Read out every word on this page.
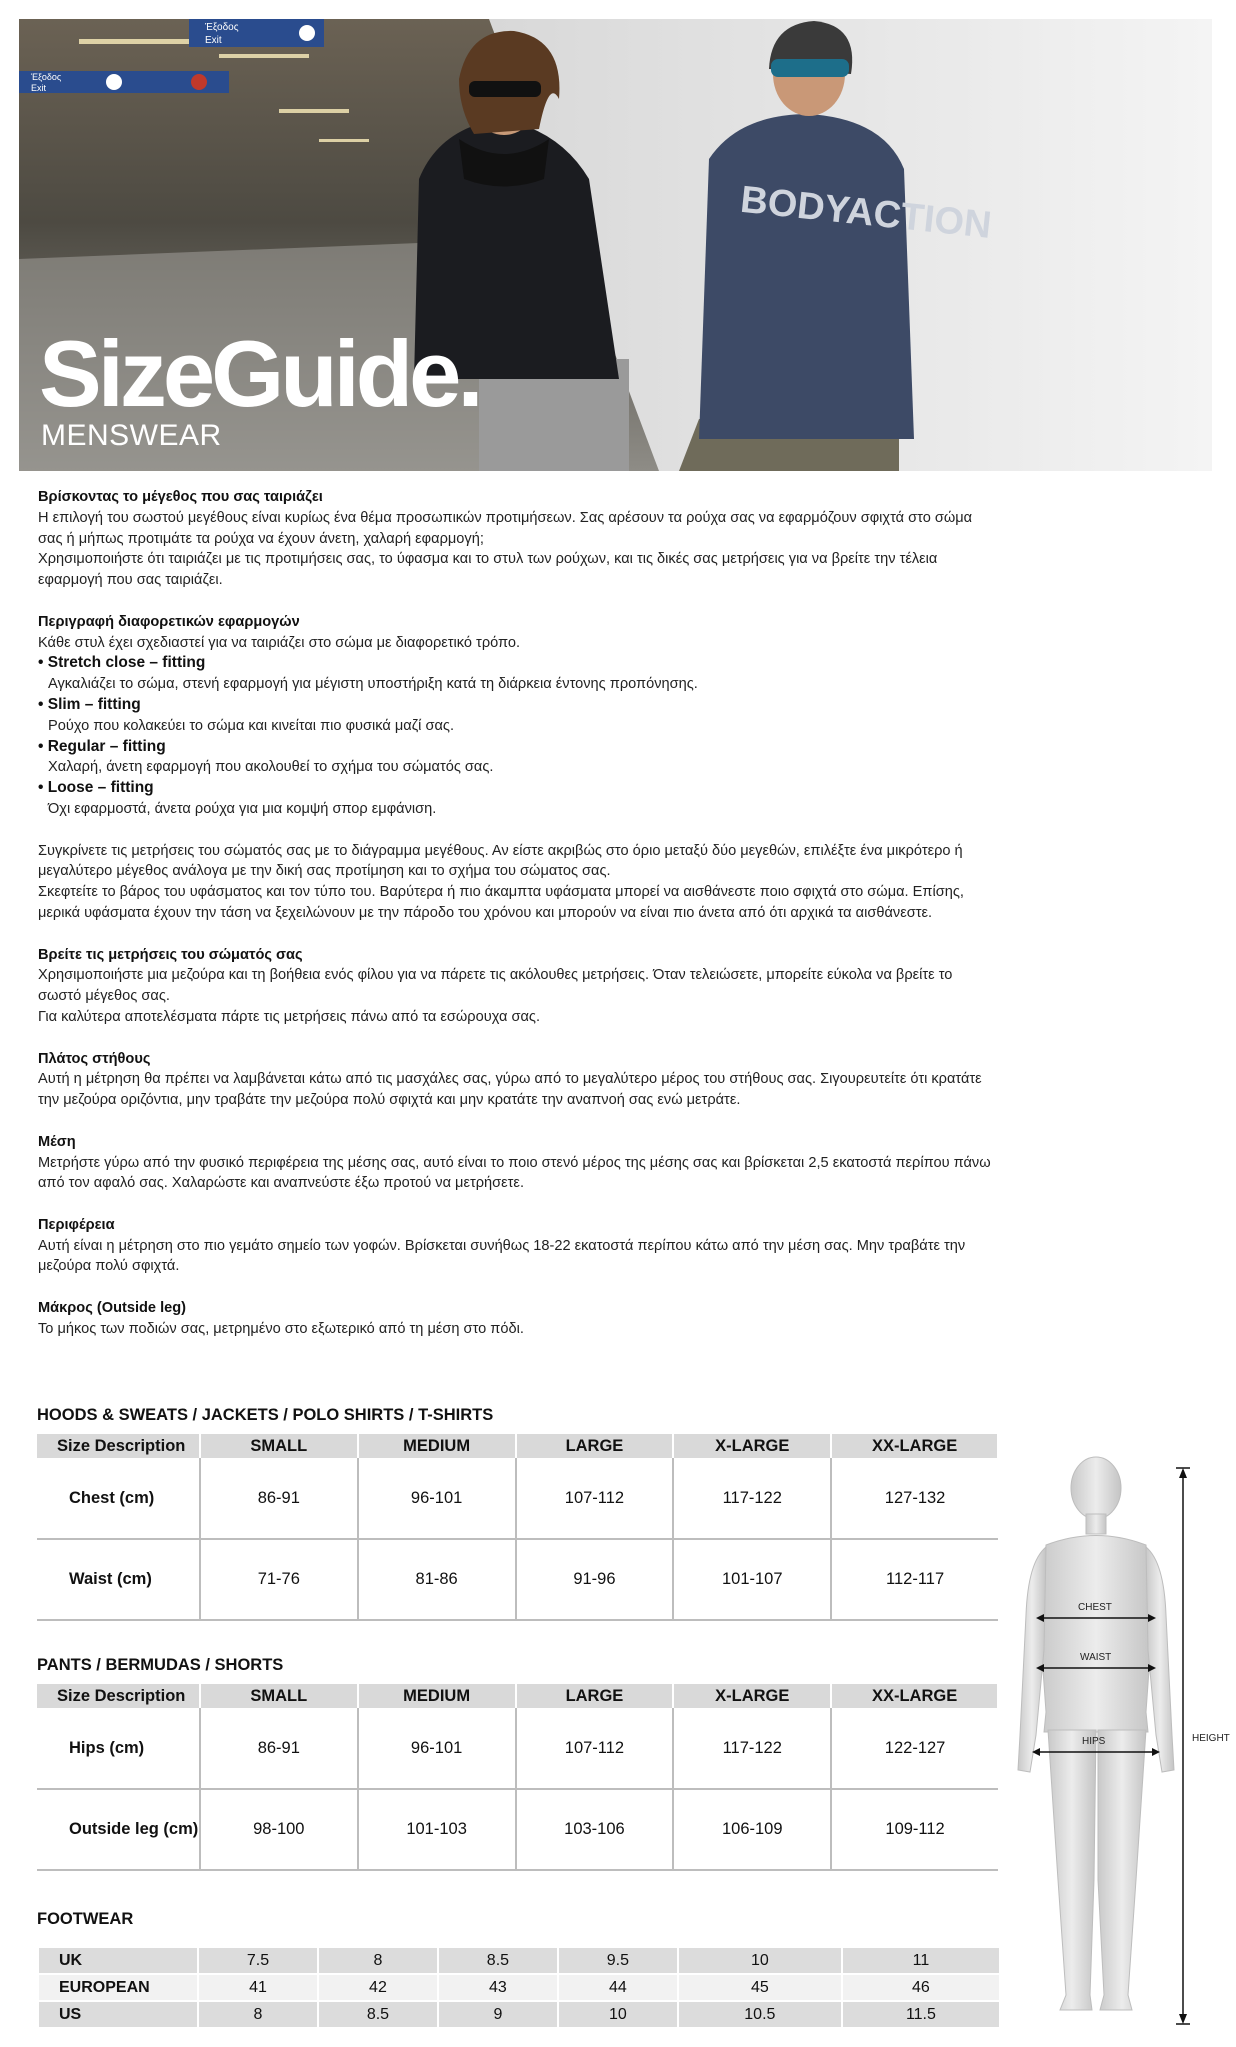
Έξοδος
Exit
Έξοδος
Exit
BODYACTION
SizeGuide.
MENSWEAR
Βρίσκοντας το μέγεθος που σας ταιριάζει

Η επιλογή του σωστού μεγέθους είναι κυρίως ένα θέμα προσωπικών προτιμήσεων. Σας αρέσουν τα ρούχα σας να εφαρμόζουν σφιχτά στο σώμα σας ή μήπως προτιμάτε τα ρούχα να έχουν άνετη, χαλαρή εφαρμογή;

Χρησιμοποιήστε ότι ταιριάζει με τις προτιμήσεις σας, το ύφασμα και το στυλ των ρούχων, και τις δικές σας μετρήσεις για να βρείτε την τέλεια εφαρμογή που σας ταιριάζει.

Περιγραφή διαφορετικών εφαρμογών

Κάθε στυλ έχει σχεδιαστεί για να ταιριάζει στο σώμα με διαφορετικό τρόπο.

• Stretch close – fitting
Αγκαλιάζει το σώμα, στενή εφαρμογή για μέγιστη υποστήριξη κατά τη διάρκεια έντονης προπόνησης.
• Slim – fitting
Ρούχο που κολακεύει το σώμα και κινείται πιο φυσικά μαζί σας.
• Regular – fitting
Χαλαρή, άνετη εφαρμογή που ακολουθεί το σχήμα του σώματός σας.
• Loose – fitting
Όχι εφαρμοστά, άνετα ρούχα για μια κομψή σπορ εμφάνιση.

Συγκρίνετε τις μετρήσεις του σώματός σας με το διάγραμμα μεγέθους. Αν είστε ακριβώς στο όριο μεταξύ δύο μεγεθών, επιλέξτε ένα μικρότερο ή μεγαλύτερο μέγεθος ανάλογα με την δική σας προτίμηση και το σχήμα του σώματος σας.

Σκεφτείτε το βάρος του υφάσματος και τον τύπο του. Βαρύτερα ή πιο άκαμπτα υφάσματα μπορεί να αισθάνεστε ποιο σφιχτά στο σώμα. Επίσης, μερικά υφάσματα έχουν την τάση να ξεχειλώνουν με την πάροδο του χρόνου και μπορούν να είναι πιο άνετα από ότι αρχικά τα αισθάνεστε.

Βρείτε τις μετρήσεις του σώματός σας

Χρησιμοποιήστε μια μεζούρα και τη βοήθεια ενός φίλου για να πάρετε τις ακόλουθες μετρήσεις. Όταν τελειώσετε, μπορείτε εύκολα να βρείτε το σωστό μέγεθος σας.

Για καλύτερα αποτελέσματα πάρτε τις μετρήσεις πάνω από τα εσώρουχα σας.

Πλάτος στήθους

Αυτή η μέτρηση θα πρέπει να λαμβάνεται κάτω από τις μασχάλες σας, γύρω από το μεγαλύτερο μέρος του στήθους σας. Σιγουρευτείτε ότι κρατάτε την μεζούρα οριζόντια, μην τραβάτε την μεζούρα πολύ σφιχτά και μην κρατάτε την αναπνοή σας ενώ μετράτε.

Μέση

Μετρήστε γύρω από την φυσικό περιφέρεια της μέσης σας, αυτό είναι το ποιο στενό μέρος της μέσης σας και βρίσκεται 2,5 εκατοστά περίπου πάνω από τον αφαλό σας. Χαλαρώστε και αναπνεύστε έξω προτού να μετρήσετε.

Περιφέρεια

Αυτή είναι η μέτρηση στο πιο γεμάτο σημείο των γοφών. Βρίσκεται συνήθως 18-22 εκατοστά περίπου κάτω από την μέση σας. Μην τραβάτε την μεζούρα πολύ σφιχτά.

Μάκρος (Outside leg)

Το μήκος των ποδιών σας, μετρημένο στο εξωτερικό από τη μέση στο πόδι.

HOODS & SWEATS / JACKETS / POLO SHIRTS / T-SHIRTS
Size Description	SMALL	MEDIUM	LARGE	X-LARGE	XX-LARGE
Chest (cm)	86-91	96-101	107-112	117-122	127-132
Waist (cm)	71-76	81-86	91-96	101-107	112-117
PANTS / BERMUDAS / SHORTS
Size Description	SMALL	MEDIUM	LARGE	X-LARGE	XX-LARGE
Hips (cm)	86-91	96-101	107-112	117-122	122-127
Outside leg (cm)	98-100	101-103	103-106	106-109	109-112
FOOTWEAR
UK	7.5	8	8.5	9.5	10	11
EUROPEAN	41	42	43	44	45	46
US	8	8.5	9	10	10.5	11.5
CHEST
WAIST
HIPS	HEIGHT
